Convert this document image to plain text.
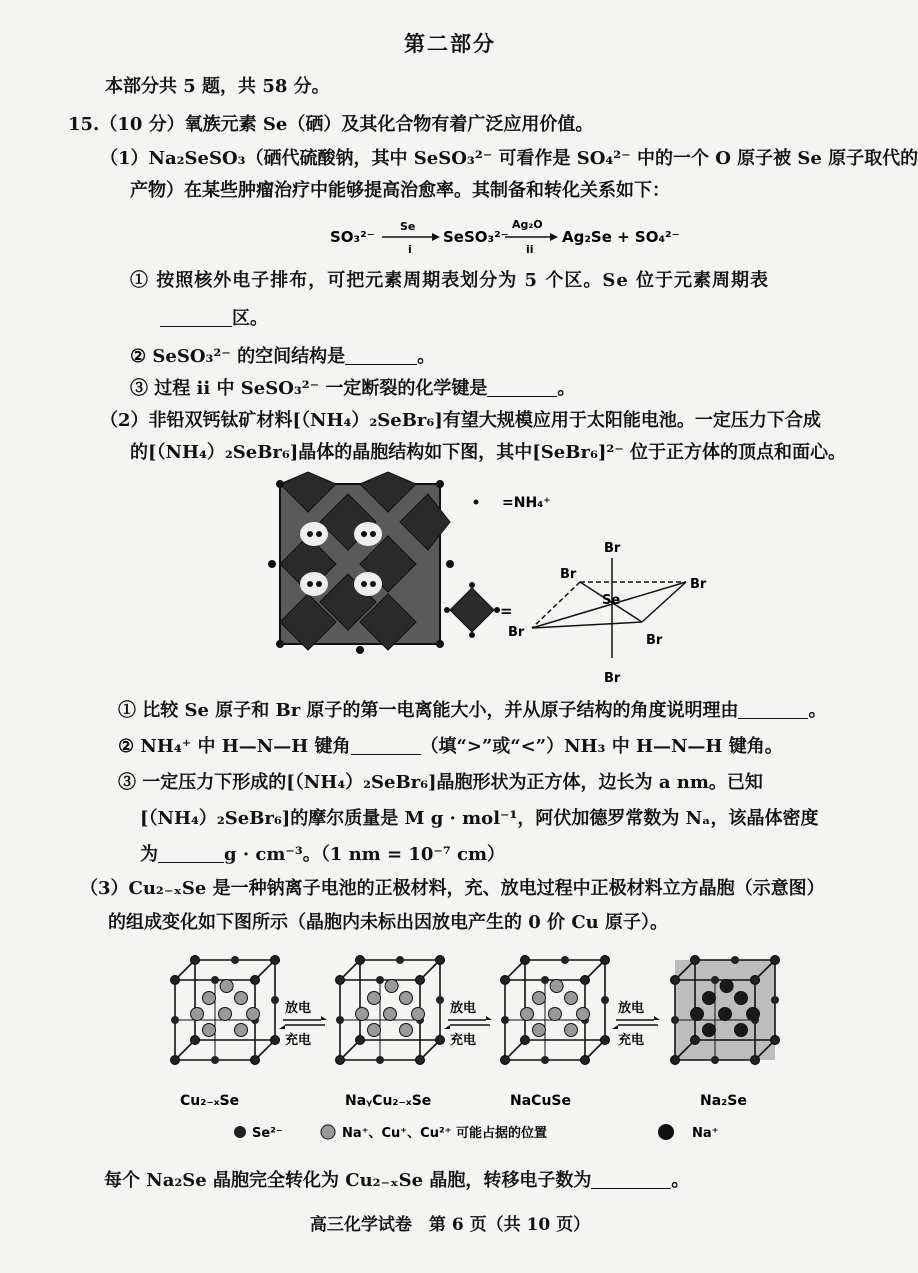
第二部分
本部分共 5 题，共 58 分。
15.（10 分）氧族元素 Se（硒）及其化合物有着广泛应用价值。
（1）Na₂SeSO₃（硒代硫酸钠，其中 SeSO₃²⁻ 可看作是 SO₄²⁻ 中的一个 O 原子被 Se 原子取代的
产物）在某些肿瘤治疗中能够提高治愈率。其制备和转化关系如下：
SO₃²⁻
Se
i
SeSO₃²⁻
Ag₂O
ii
Ag₂Se + SO₄²⁻
① 按照核外电子排布，可把元素周期表划分为 5 个区。Se 位于元素周期表
区。
② SeSO₃²⁻ 的空间结构是	。
③ 过程 ii 中 SeSO₃²⁻ 一定断裂的化学键是	。
（2）非铅双钙钛矿材料[（NH₄）₂SeBr₆]有望大规模应用于太阳能电池。一定压力下合成
的[（NH₄）₂SeBr₆]晶体的晶胞结构如下图，其中[SeBr₆]²⁻ 位于正方体的顶点和面心。
=NH₄⁺
=
Br
Br
Br
Se
Br
Br
Br
① 比较 Se 原子和 Br 原子的第一电离能大小，并从原子结构的角度说明理由	。
② NH₄⁺ 中 H—N—H 键角	（填“>”或“<”）NH₃ 中 H—N—H 键角。
③ 一定压力下形成的[（NH₄）₂SeBr₆]晶胞形状为正方体，边长为 a nm。已知
[（NH₄）₂SeBr₆]的摩尔质量是 M g · mol⁻¹，阿伏加德罗常数为 Nₐ，该晶体密度
为	g · cm⁻³。（1 nm = 10⁻⁷ cm）
（3）Cu₂₋ₓSe 是一种钠离子电池的正极材料，充、放电过程中正极材料立方晶胞（示意图）
的组成变化如下图所示（晶胞内未标出因放电产生的 0 价 Cu 原子）。
Cu₂₋ₓSe	NaᵧCu₂₋ₓSe	NaCuSe	Na₂Se
放电
充电
放电
充电
放电
充电
Se²⁻	Na⁺、Cu⁺、Cu²⁺ 可能占据的位置	Na⁺
每个 Na₂Se 晶胞完全转化为 Cu₂₋ₓSe 晶胞，转移电子数为	。
高三化学试卷　第 6 页（共 10 页）
